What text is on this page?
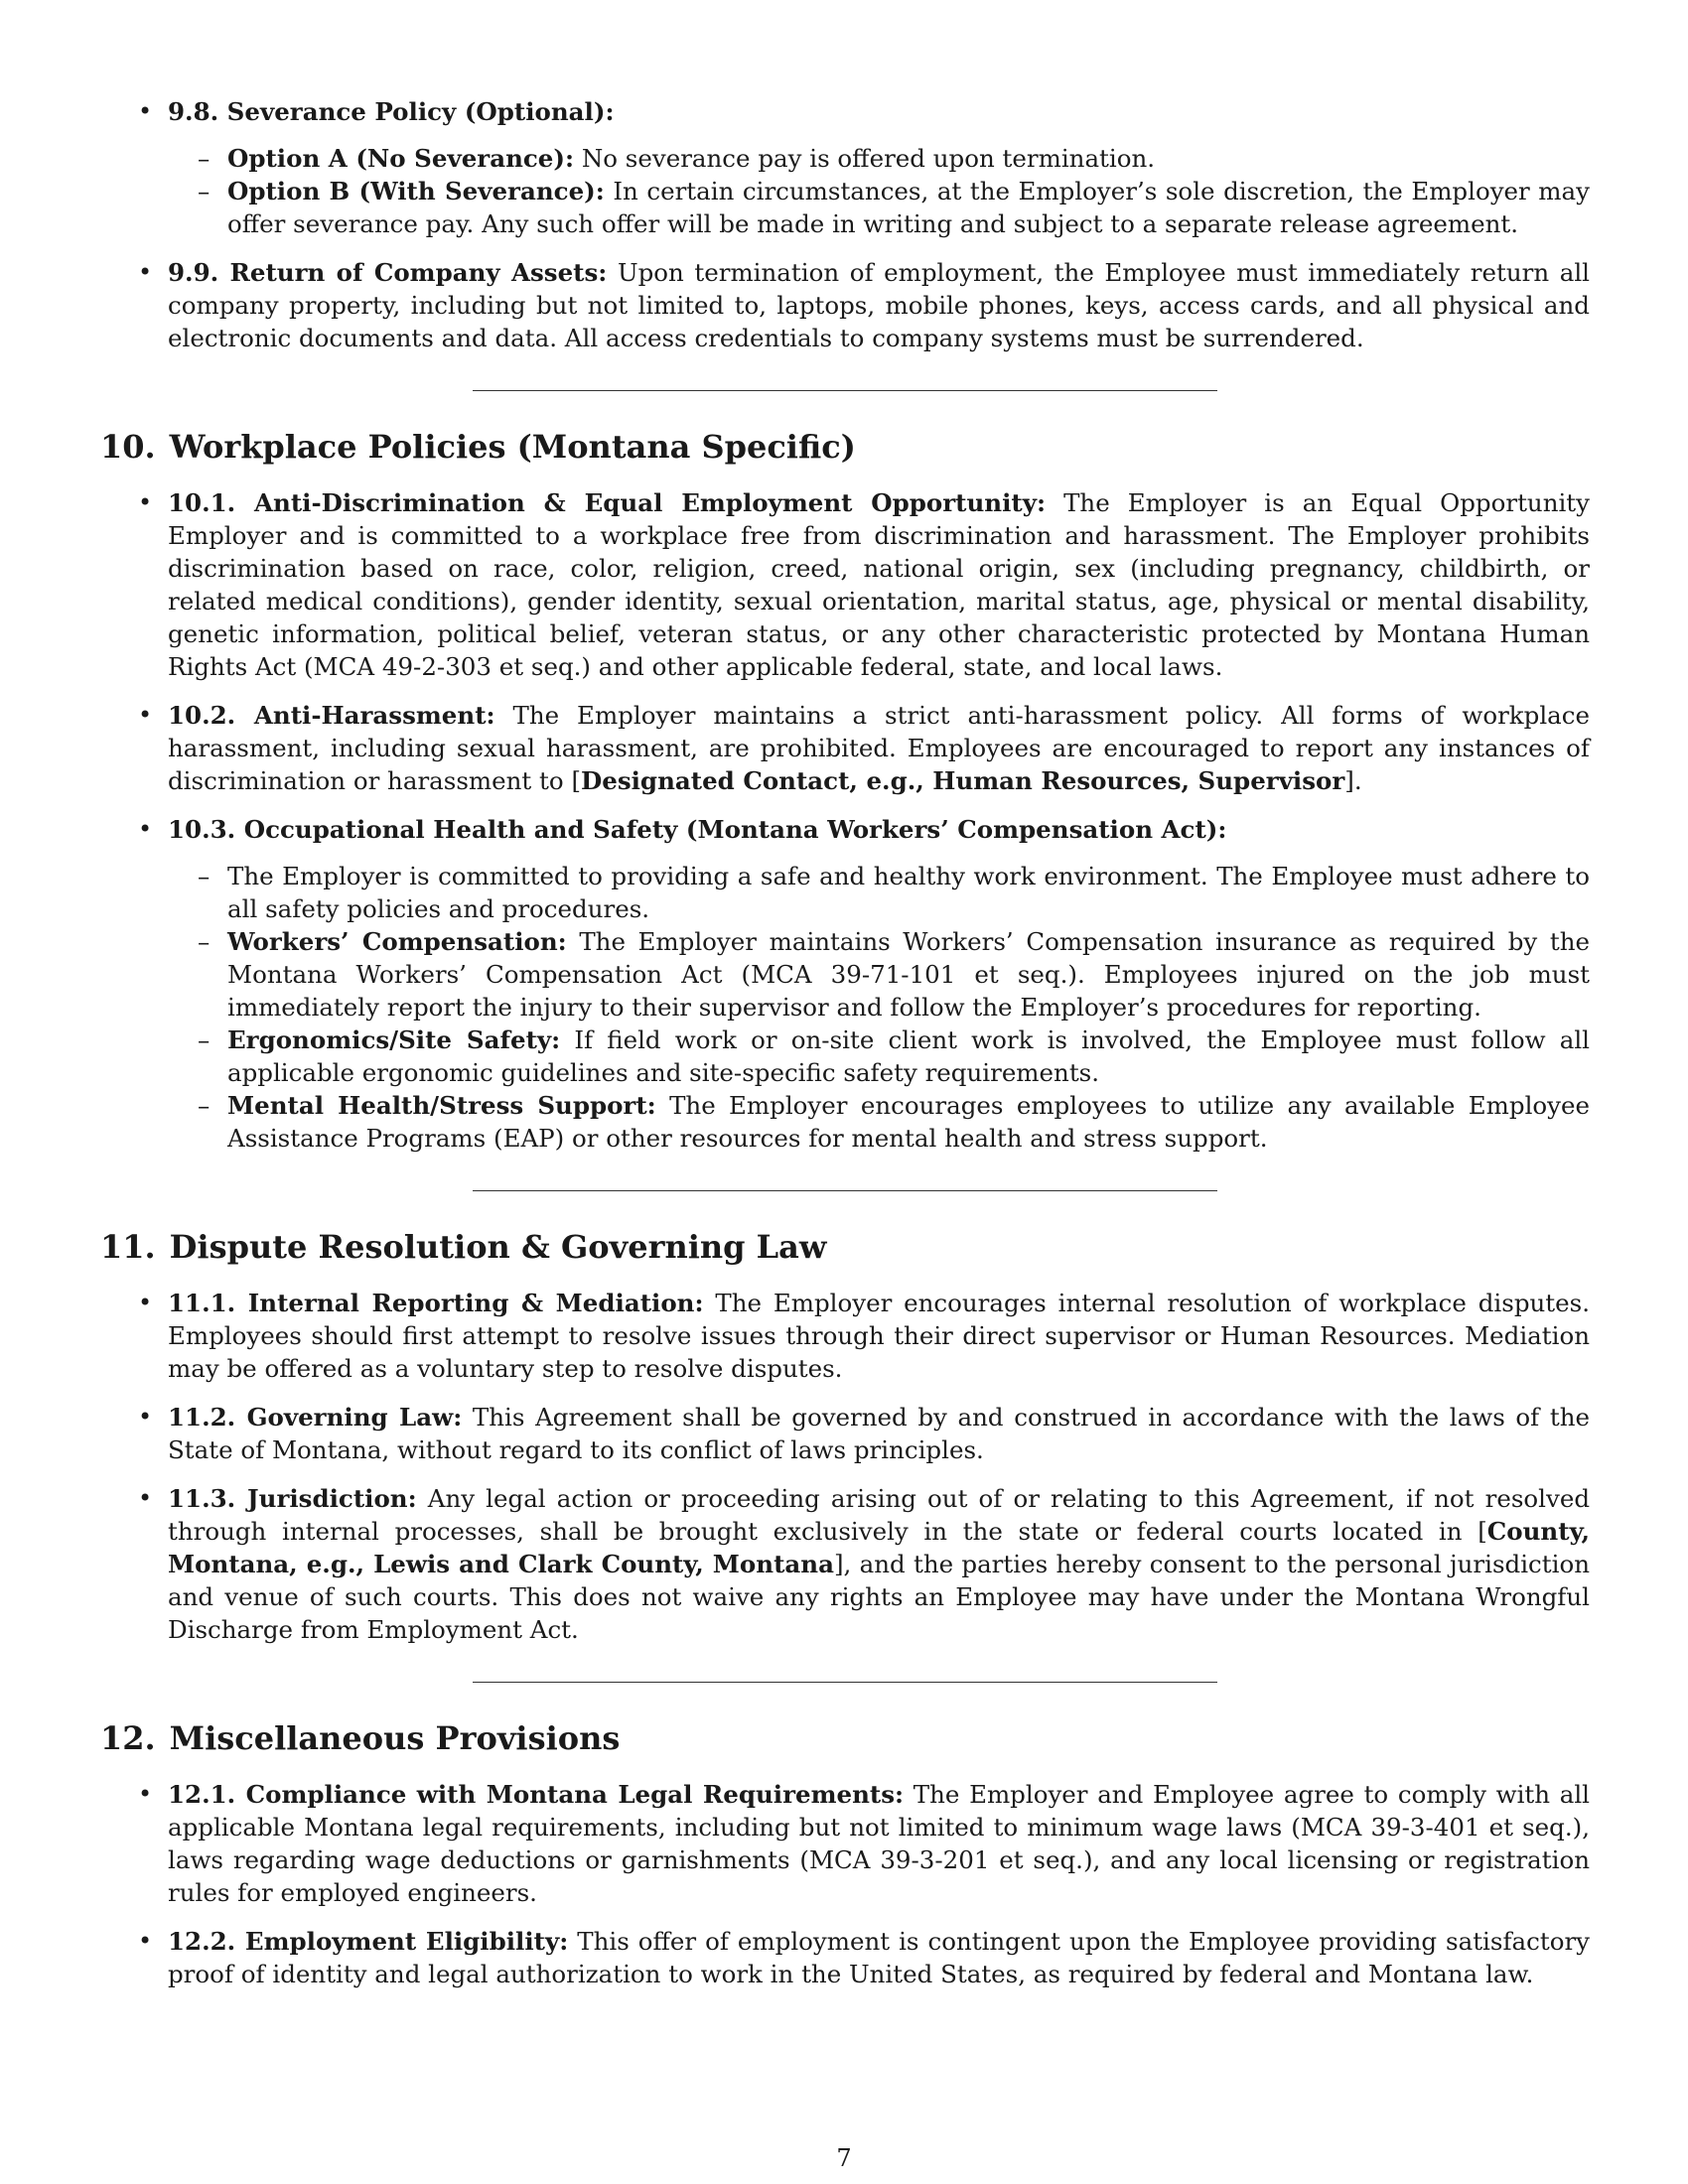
• 9.8. Severance Policy (Optional):
– Option A (No Severance): No severance pay is offered upon termination.
– Option B (With Severance): In certain circumstances, at the Employer’s sole discretion, the Employer may offer severance pay. Any such offer will be made in writing and subject to a separate release agreement.
• 9.9. Return of Company Assets: Upon termination of employment, the Employee must immediately return all company property, including but not limited to, laptops, mobile phones, keys, access cards, and all physical and electronic documents and data. All access credentials to company systems must be surrendered.
10. Workplace Policies (Montana Specific)
• 10.1. Anti-Discrimination & Equal Employment Opportunity: The Employer is an Equal Opportunity Employer and is committed to a workplace free from discrimination and harassment. The Employer prohibits discrimination based on race, color, religion, creed, national origin, sex (including pregnancy, childbirth, or related medical conditions), gender identity, sexual orientation, marital status, age, physical or mental disability, genetic information, political belief, veteran status, or any other characteristic protected by Montana Human Rights Act (MCA 49-2-303 et seq.) and other applicable federal, state, and local laws.
• 10.2. Anti-Harassment: The Employer maintains a strict anti-harassment policy. All forms of workplace harassment, including sexual harassment, are prohibited. Employees are encouraged to report any instances of discrimination or harassment to [Designated Contact, e.g., Human Resources, Supervisor].
• 10.3. Occupational Health and Safety (Montana Workers’ Compensation Act):
– The Employer is committed to providing a safe and healthy work environment. The Employee must adhere to all safety policies and procedures.
– Workers’ Compensation: The Employer maintains Workers’ Compensation insurance as required by the Montana Workers’ Compensation Act (MCA 39-71-101 et seq.). Employees injured on the job must immediately report the injury to their supervisor and follow the Employer’s procedures for reporting.
– Ergonomics/Site Safety: If field work or on-site client work is involved, the Employee must follow all applicable ergonomic guidelines and site-specific safety requirements.
– Mental Health/Stress Support: The Employer encourages employees to utilize any available Employee Assistance Programs (EAP) or other resources for mental health and stress support.
11. Dispute Resolution & Governing Law
• 11.1. Internal Reporting & Mediation: The Employer encourages internal resolution of workplace disputes. Employees should first attempt to resolve issues through their direct supervisor or Human Resources. Mediation may be offered as a voluntary step to resolve disputes.
• 11.2. Governing Law: This Agreement shall be governed by and construed in accordance with the laws of the State of Montana, without regard to its conflict of laws principles.
• 11.3. Jurisdiction: Any legal action or proceeding arising out of or relating to this Agreement, if not resolved through internal processes, shall be brought exclusively in the state or federal courts located in [County, Montana, e.g., Lewis and Clark County, Montana], and the parties hereby consent to the personal jurisdiction and venue of such courts. This does not waive any rights an Employee may have under the Montana Wrongful Discharge from Employment Act.
12. Miscellaneous Provisions
• 12.1. Compliance with Montana Legal Requirements: The Employer and Employee agree to comply with all applicable Montana legal requirements, including but not limited to minimum wage laws (MCA 39-3-401 et seq.), laws regarding wage deductions or garnishments (MCA 39-3-201 et seq.), and any local licensing or registration rules for employed engineers.
• 12.2. Employment Eligibility: This offer of employment is contingent upon the Employee providing satisfactory proof of identity and legal authorization to work in the United States, as required by federal and Montana law.
7
